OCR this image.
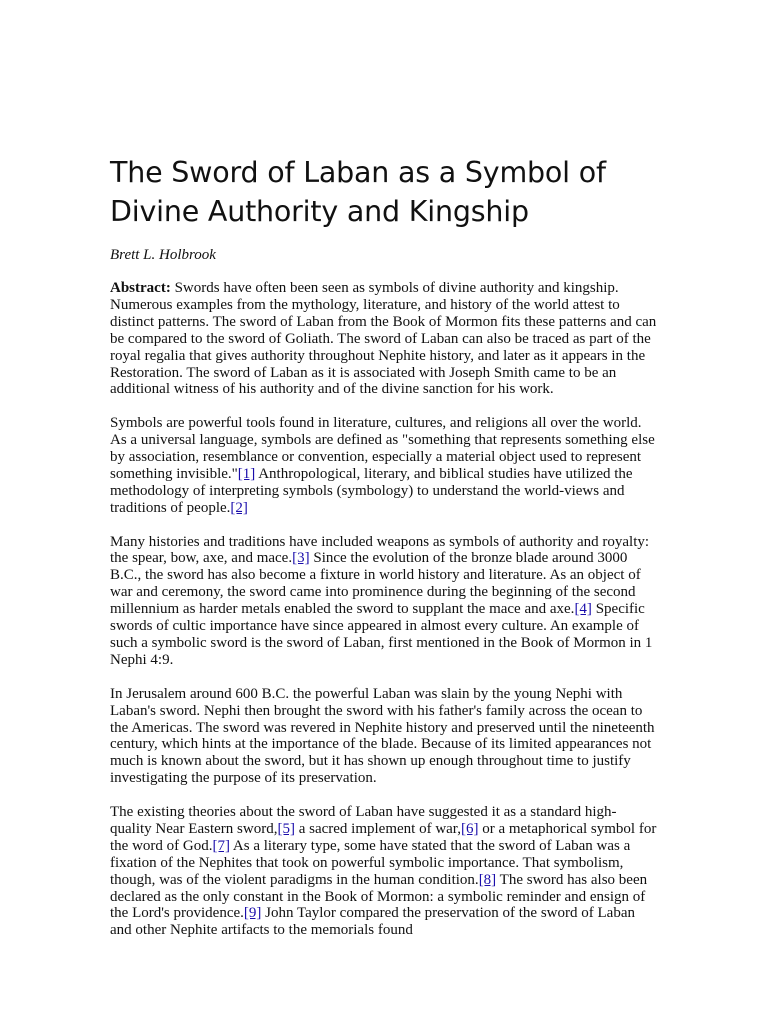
The Sword of Laban as a Symbol of Divine Authority and Kingship

Brett L. Holbrook

Abstract: Swords have often been seen as symbols of divine authority and kingship. Numerous examples from the mythology, literature, and history of the world attest to distinct patterns. The sword of Laban from the Book of Mormon fits these patterns and can be compared to the sword of Goliath. The sword of Laban can also be traced as part of the royal regalia that gives authority throughout Nephite history, and later as it appears in the Restoration. The sword of Laban as it is associated with Joseph Smith came to be an additional witness of his authority and of the divine sanction for his work.

Symbols are powerful tools found in literature, cultures, and religions all over the world. As a universal language, symbols are defined as "something that represents something else by association, resemblance or convention, especially a material object used to represent something invisible."[1] Anthropological, literary, and biblical studies have utilized the methodology of interpreting symbols (symbology) to understand the world-views and traditions of people.[2]

Many histories and traditions have included weapons as symbols of authority and royalty: the spear, bow, axe, and mace.[3] Since the evolution of the bronze blade around 3000 B.C., the sword has also become a fixture in world history and literature. As an object of war and ceremony, the sword came into prominence during the beginning of the second millennium as harder metals enabled the sword to supplant the mace and axe.[4] Specific swords of cultic importance have since appeared in almost every culture. An example of such a symbolic sword is the sword of Laban, first mentioned in the Book of Mormon in 1 Nephi 4:9.

In Jerusalem around 600 B.C. the powerful Laban was slain by the young Nephi with Laban's sword. Nephi then brought the sword with his father's family across the ocean to the Americas. The sword was revered in Nephite history and preserved until the nineteenth century, which hints at the importance of the blade. Because of its limited appearances not much is known about the sword, but it has shown up enough throughout time to justify investigating the purpose of its preservation.

The existing theories about the sword of Laban have suggested it as a standard high-quality Near Eastern sword,[5] a sacred implement of war,[6] or a metaphorical symbol for the word of God.[7] As a literary type, some have stated that the sword of Laban was a fixation of the Nephites that took on powerful symbolic importance. That symbolism, though, was of the violent paradigms in the human condition.[8] The sword has also been declared as the only constant in the Book of Mormon: a symbolic reminder and ensign of the Lord's providence.[9] John Taylor compared the preservation of the sword of Laban and other Nephite artifacts to the memorials found
